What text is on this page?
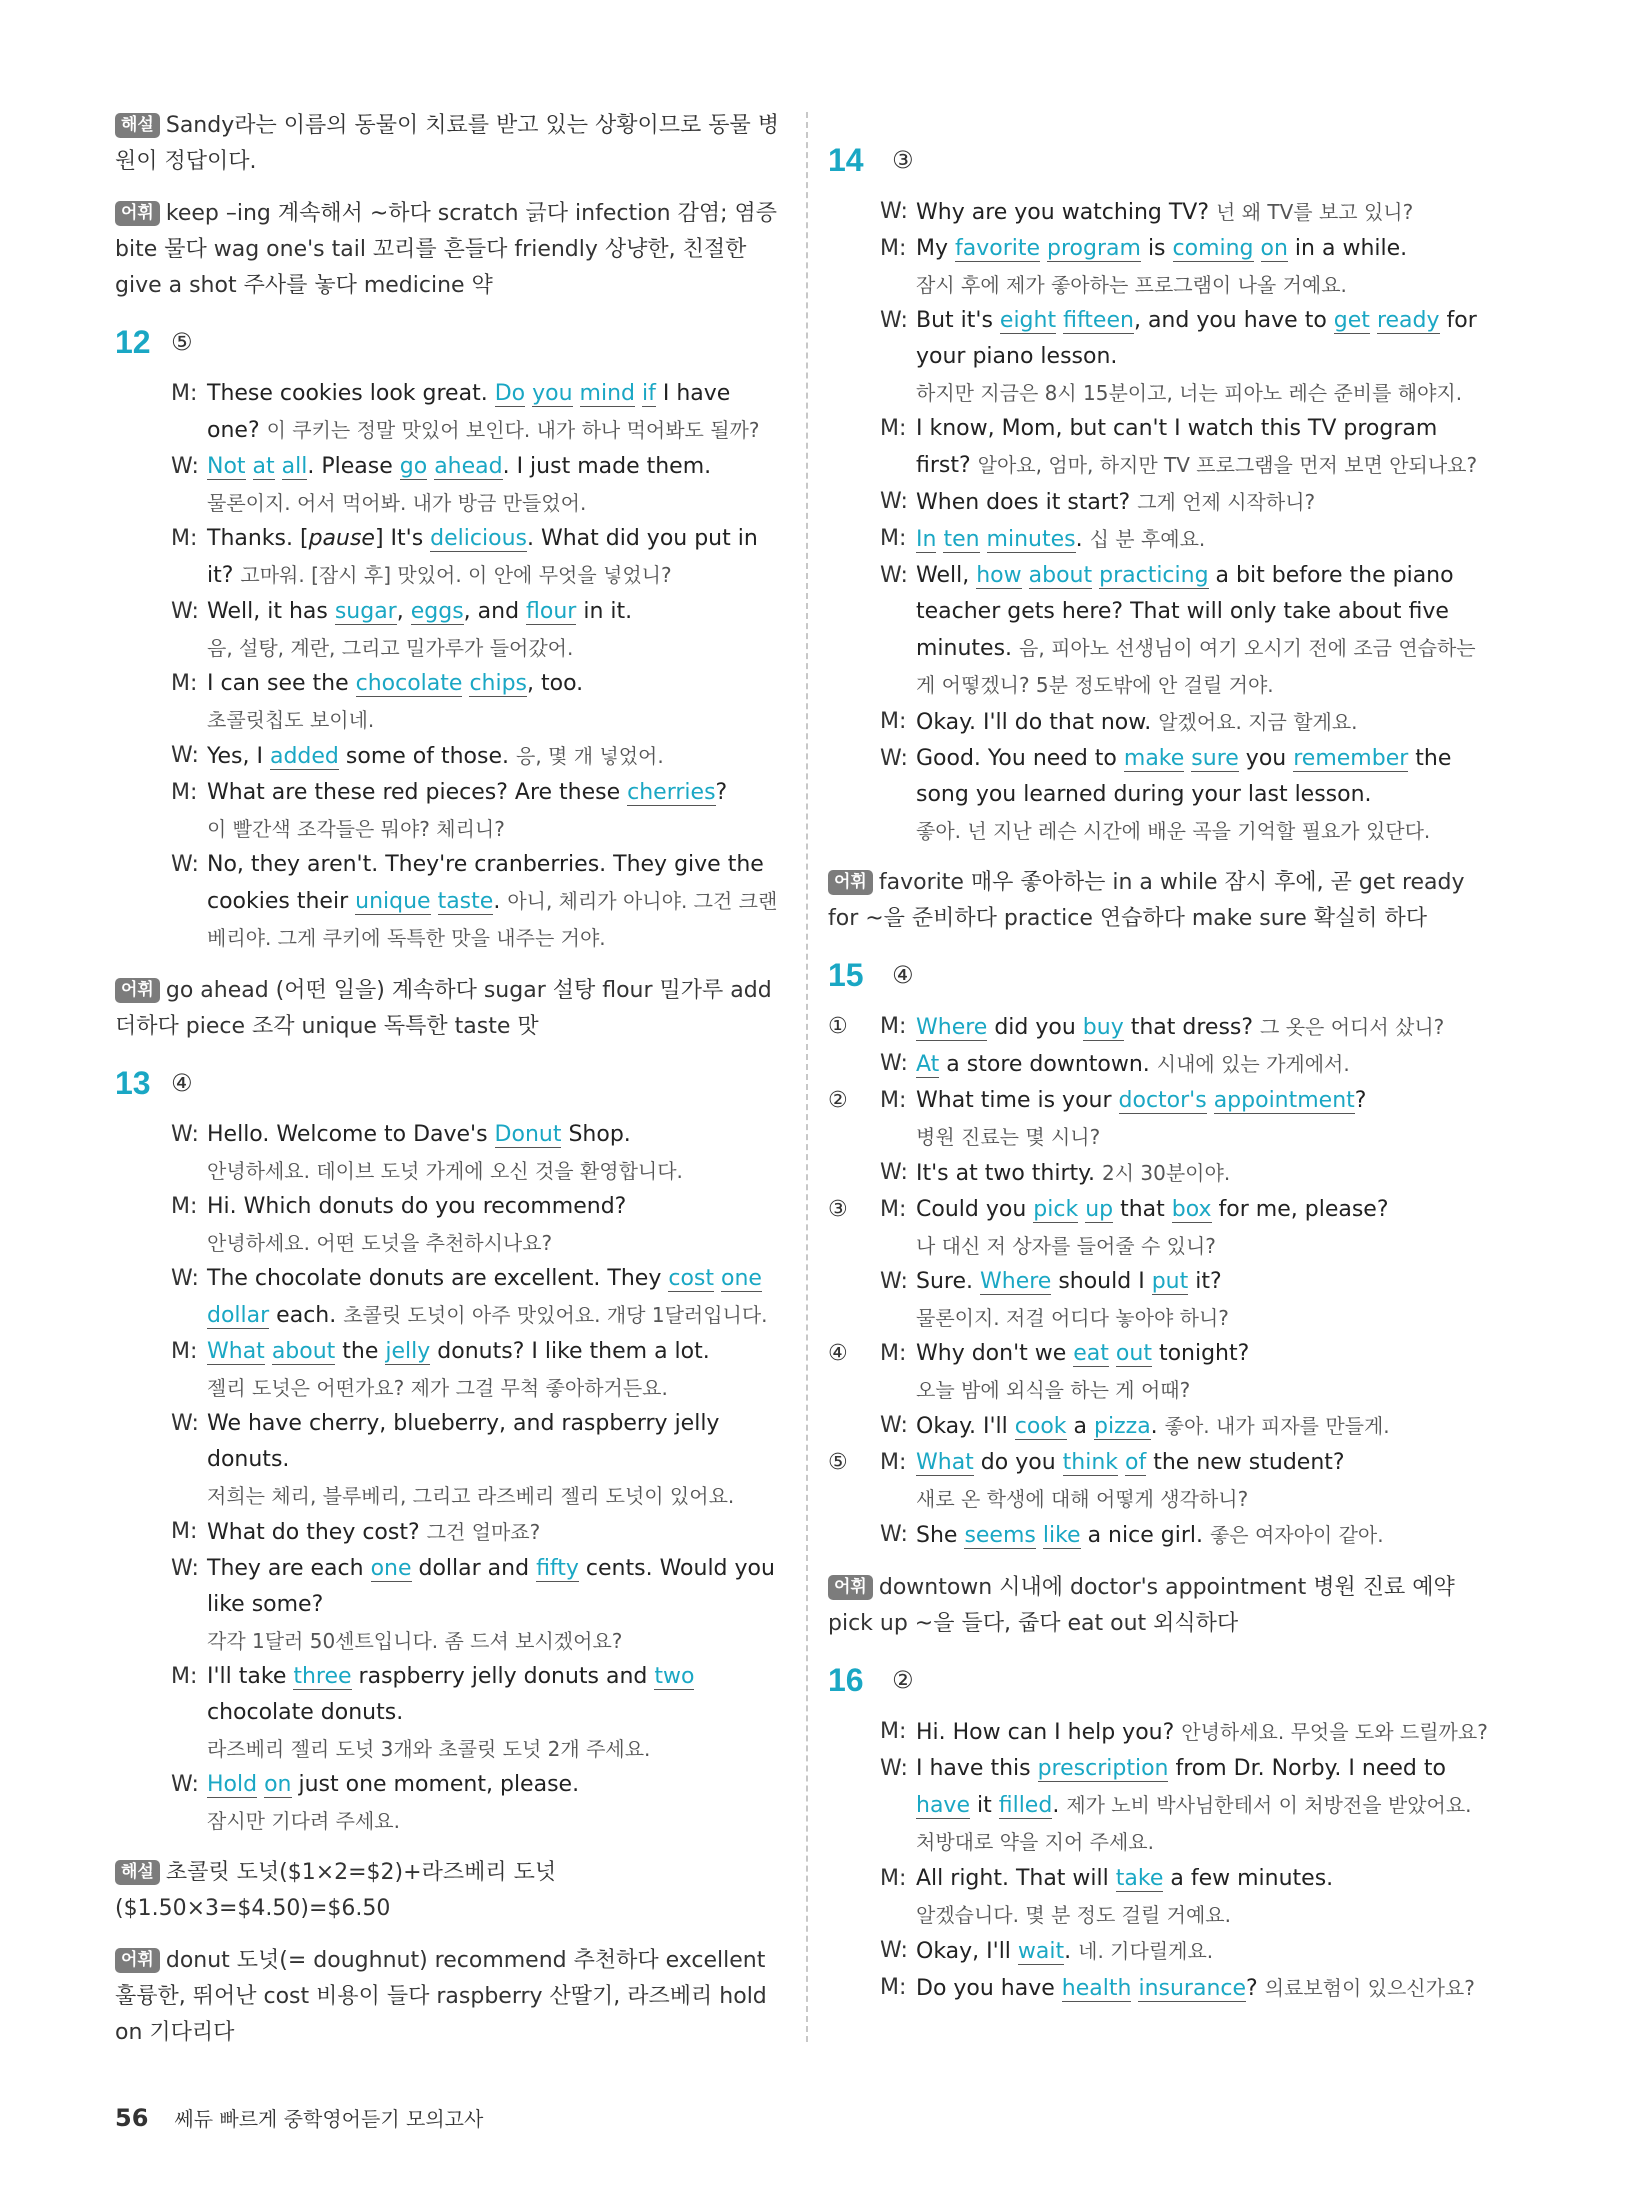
해설 Sandy라는 이름의 동물이 치료를 받고 있는 상황이므로 동물 병원이 정답이다.

어휘 keep –ing 계속해서 ~하다 scratch 긁다 infection 감염; 염증 bite 물다 wag one's tail 꼬리를 흔들다 friendly 상냥한, 친절한 give a shot 주사를 놓다 medicine 약

12 ⑤
M: These cookies look great. Do you mind if I have one? 이 쿠키는 정말 맛있어 보인다. 내가 하나 먹어봐도 될까?
W: Not at all. Please go ahead. I just made them.
물론이지. 어서 먹어봐. 내가 방금 만들었어.
M: Thanks. [pause] It's delicious. What did you put in it? 고마워. [잠시 후] 맛있어. 이 안에 무엇을 넣었니?
W: Well, it has sugar, eggs, and flour in it.
음, 설탕, 계란, 그리고 밀가루가 들어갔어.
M: I can see the chocolate chips, too.
초콜릿칩도 보이네.
W: Yes, I added some of those. 응, 몇 개 넣었어.
M: What are these red pieces? Are these cherries?
이 빨간색 조각들은 뭐야? 체리니?
W: No, they aren't. They're cranberries. They give the cookies their unique taste. 아니, 체리가 아니야. 그건 크랜베리야. 그게 쿠키에 독특한 맛을 내주는 거야.

어휘 go ahead (어떤 일을) 계속하다 sugar 설탕 flour 밀가루 add 더하다 piece 조각 unique 독특한 taste 맛

13 ④
W: Hello. Welcome to Dave's Donut Shop.
안녕하세요. 데이브 도넛 가게에 오신 것을 환영합니다.
M: Hi. Which donuts do you recommend?
안녕하세요. 어떤 도넛을 추천하시나요?
W: The chocolate donuts are excellent. They cost one dollar each. 초콜릿 도넛이 아주 맛있어요. 개당 1달러입니다.
M: What about the jelly donuts? I like them a lot.
젤리 도넛은 어떤가요? 제가 그걸 무척 좋아하거든요.
W: We have cherry, blueberry, and raspberry jelly donuts.
저희는 체리, 블루베리, 그리고 라즈베리 젤리 도넛이 있어요.
M: What do they cost? 그건 얼마죠?
W: They are each one dollar and fifty cents. Would you like some?
각각 1달러 50센트입니다. 좀 드셔 보시겠어요?
M: I'll take three raspberry jelly donuts and two chocolate donuts.
라즈베리 젤리 도넛 3개와 초콜릿 도넛 2개 주세요.
W: Hold on just one moment, please.
잠시만 기다려 주세요.

해설 초콜릿 도넛($1×2=$2)+라즈베리 도넛($1.50×3=$4.50)=$6.50

어휘 donut 도넛(= doughnut) recommend 추천하다 excellent 훌륭한, 뛰어난 cost 비용이 들다 raspberry 산딸기, 라즈베리 hold on 기다리다

14 ③
W: Why are you watching TV? 넌 왜 TV를 보고 있니?
M: My favorite program is coming on in a while.
잠시 후에 제가 좋아하는 프로그램이 나올 거예요.
W: But it's eight fifteen, and you have to get ready for your piano lesson.
하지만 지금은 8시 15분이고, 너는 피아노 레슨 준비를 해야지.
M: I know, Mom, but can't I watch this TV program first? 알아요, 엄마, 하지만 TV 프로그램을 먼저 보면 안되나요?
W: When does it start? 그게 언제 시작하니?
M: In ten minutes. 십 분 후예요.
W: Well, how about practicing a bit before the piano teacher gets here? That will only take about five minutes. 음, 피아노 선생님이 여기 오시기 전에 조금 연습하는 게 어떻겠니? 5분 정도밖에 안 걸릴 거야.
M: Okay. I'll do that now. 알겠어요. 지금 할게요.
W: Good. You need to make sure you remember the song you learned during your last lesson.
좋아. 넌 지난 레슨 시간에 배운 곡을 기억할 필요가 있단다.

어휘 favorite 매우 좋아하는 in a while 잠시 후에, 곧 get ready for ~을 준비하다 practice 연습하다 make sure 확실히 하다

15 ④
① M: Where did you buy that dress? 그 옷은 어디서 샀니?
W: At a store downtown. 시내에 있는 가게에서.
② M: What time is your doctor's appointment?
병원 진료는 몇 시니?
W: It's at two thirty. 2시 30분이야.
③ M: Could you pick up that box for me, please?
나 대신 저 상자를 들어줄 수 있니?
W: Sure. Where should I put it?
물론이지. 저걸 어디다 놓아야 하니?
④ M: Why don't we eat out tonight?
오늘 밤에 외식을 하는 게 어때?
W: Okay. I'll cook a pizza. 좋아. 내가 피자를 만들게.
⑤ M: What do you think of the new student?
새로 온 학생에 대해 어떻게 생각하니?
W: She seems like a nice girl. 좋은 여자아이 같아.

어휘 downtown 시내에 doctor's appointment 병원 진료 예약 pick up ~을 들다, 줍다 eat out 외식하다

16 ②
M: Hi. How can I help you? 안녕하세요. 무엇을 도와 드릴까요?
W: I have this prescription from Dr. Norby. I need to have it filled. 제가 노비 박사님한테서 이 처방전을 받았어요. 처방대로 약을 지어 주세요.
M: All right. That will take a few minutes.
알겠습니다. 몇 분 정도 걸릴 거예요.
W: Okay, I'll wait. 네. 기다릴게요.
M: Do you have health insurance? 의료보험이 있으신가요?
56 쎄듀 빠르게 중학영어듣기 모의고사
